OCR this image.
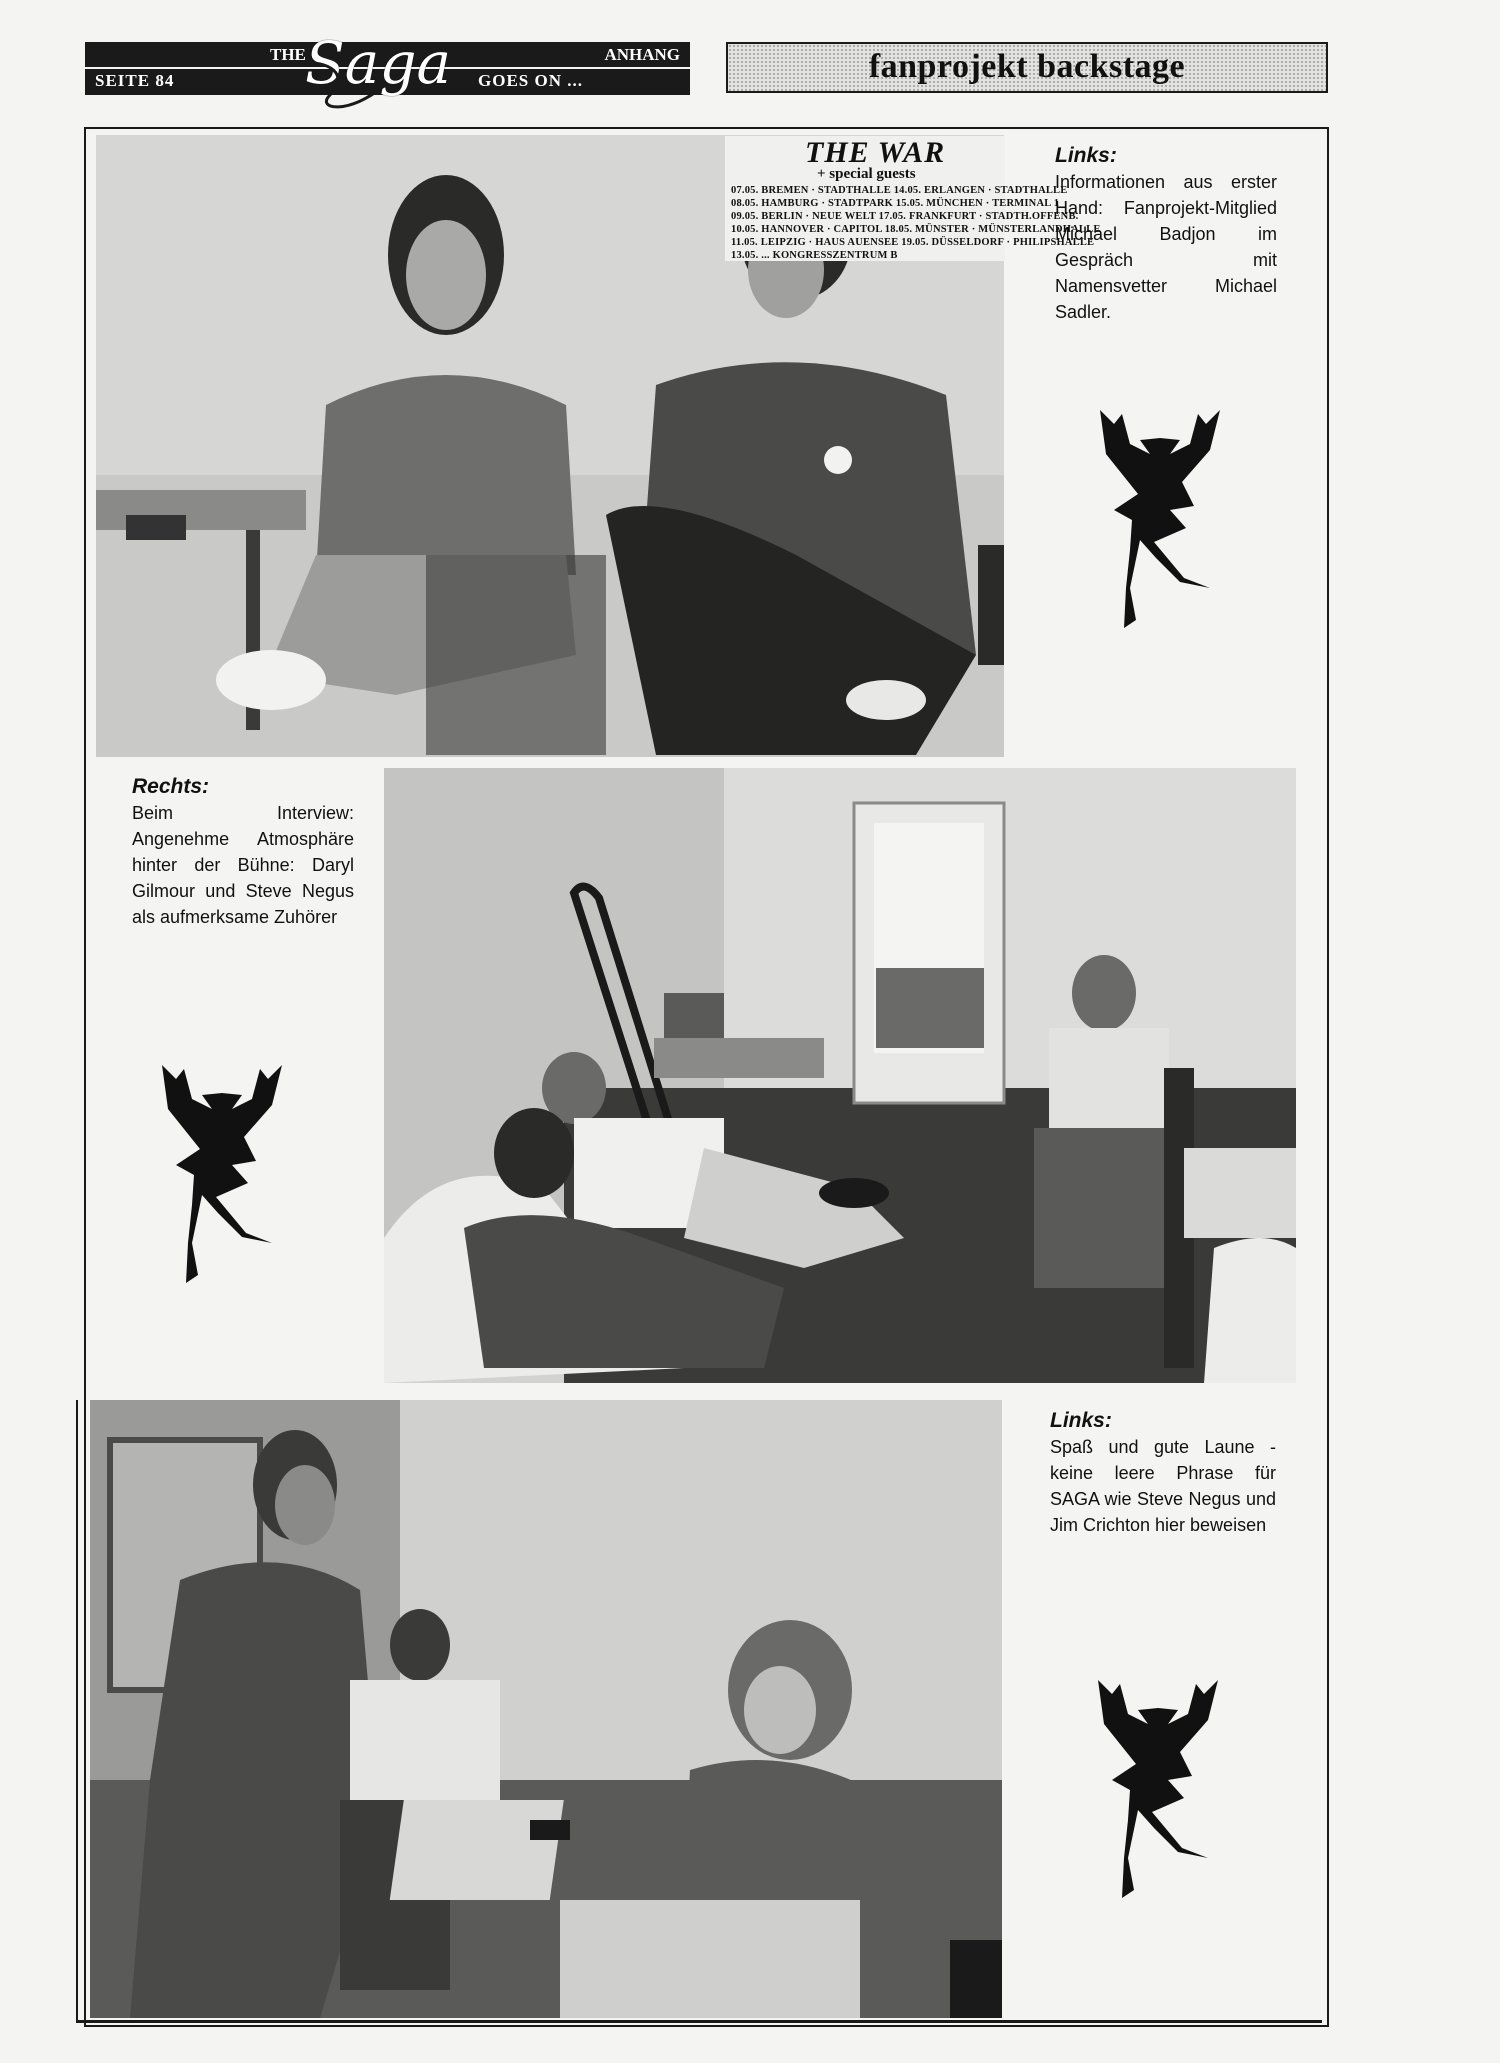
SEITE 84
THE Saga	ANHANG
GOES ON ...	fanprojekt backstage
THE WAR
+ special guests
07.05. BREMEN · STADTHALLE 14.05. ERLANGEN · STADTHALLE
08.05. HAMBURG · STADTPARK 15.05. MÜNCHEN · TERMINAL 1
09.05. BERLIN · NEUE WELT 17.05. FRANKFURT · STADTH.OFFENB.
10.05. HANNOVER · CAPITOL 18.05. MÜNSTER · MÜNSTERLANDHALLE
11.05. LEIPZIG · HAUS AUENSEE 19.05. DÜSSELDORF · PHILIPSHALLE
13.05. ... KONGRESSZENTRUM B
Links:
Informationen aus erster Hand: Fanprojekt-Mitglied Michael Badjon im Gespräch mit Namensvetter Michael Sadler.
Rechts:
Beim Interview: Angenehme Atmosphäre hinter der Bühne: Daryl Gilmour und Steve Negus als aufmerksame Zuhörer
Links:
Spaß und gute Laune - keine leere Phrase für SAGA wie Steve Negus und Jim Crichton hier beweisen
